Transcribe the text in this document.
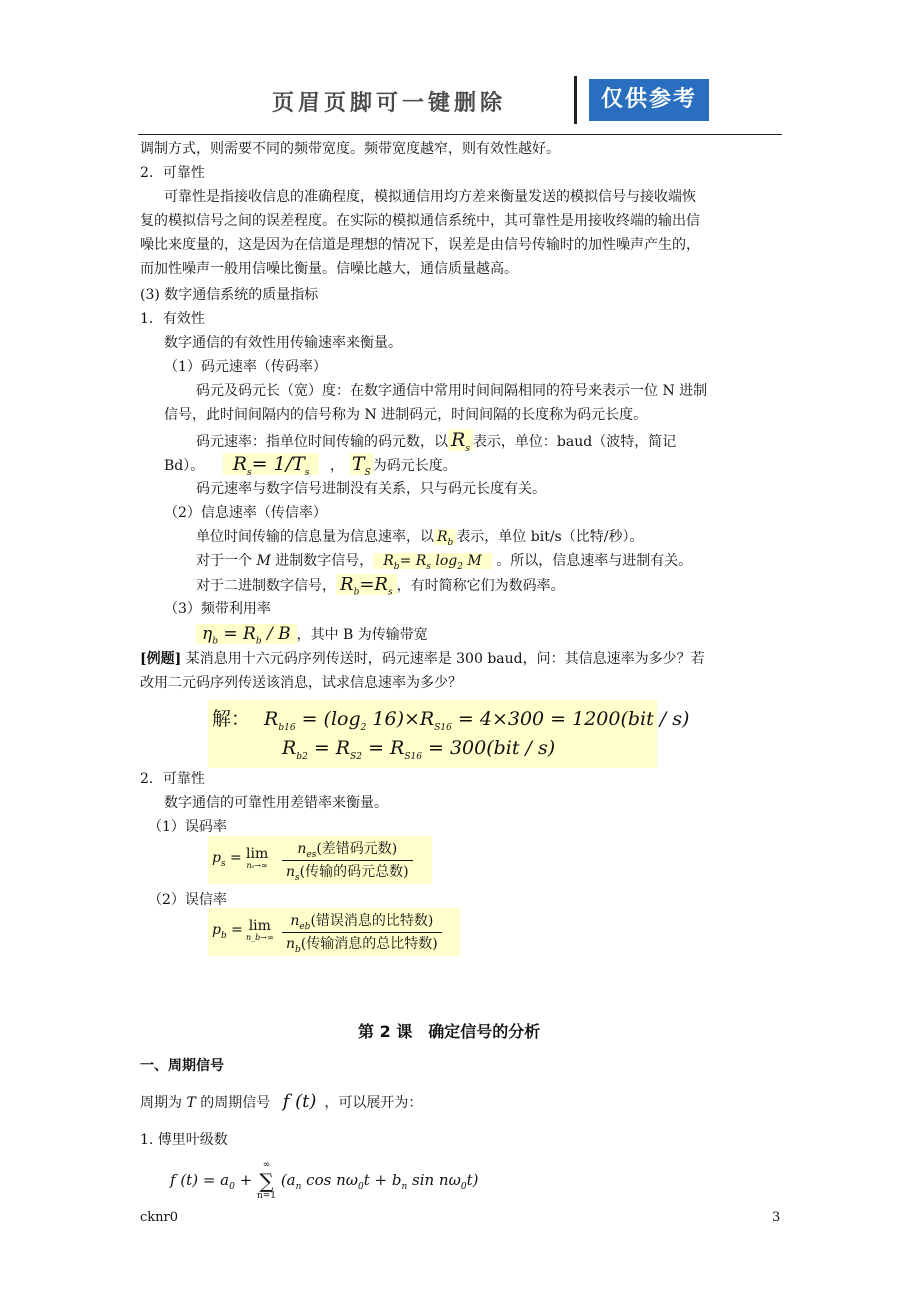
页眉页脚可一键删除	仅供参考
调制方式，则需要不同的频带宽度。频带宽度越窄，则有效性越好。
2．可靠性
可靠性是指接收信息的准确程度，模拟通信用均方差来衡量发送的模拟信号与接收端恢
复的模拟信号之间的误差程度。在实际的模拟通信系统中，其可靠性是用接收终端的输出信
噪比来度量的，这是因为在信道是理想的情况下，误差是由信号传输时的加性噪声产生的，
而加性噪声一般用信噪比衡量。信噪比越大，通信质量越高。
(3) 数字通信系统的质量指标
1．有效性
数字通信的有效性用传输速率来衡量。
（1）码元速率（传码率）
码元及码元长（宽）度：在数字通信中常用时间间隔相同的符号来表示一位 N 进制
信号，此时间间隔内的信号称为 N 进制码元，时间间隔的长度称为码元长度。
码元速率：指单位时间传输的码元数，以 $R_s$ 表示，单位：baud（波特，简记
Bd）。 $R_s= 1/T_s$ ， $T_S$ 为码元长度。
码元速率与数字信号进制没有关系，只与码元长度有关。
（2）信息速率（传信率）
单位时间传输的信息量为信息速率，以 $R_b$ 表示，单位 bit/s（比特/秒）。
对于一个 M 进制数字信号， $R_b= R_s$ $\log_2 M$ 。所以，信息速率与进制有关。
对于二进制数字信号， $R_b=R_s$ ，有时简称它们为数码率。
（3）频带利用率
$\eta_b = R_b / B$ ，其中 B 为传输带宽
[例题] 某消息用十六元码序列传送时，码元速率是 300 baud，问：其信息速率为多少？若
改用二元码序列传送该消息，试求信息速率为多少？
解： $R_{b16} = (\log_2$ $16)\times R_{S16} = 4\times 300 = 1200(bit / s)$
$R_{b2} = R_{S2} = R_{S16} = 300(bit / s)$
2．可靠性
数字通信的可靠性用差错率来衡量。
（1）误码率
$p_s = \lim$
nₛ→∞
$n_{es}$(差错码元数)
$n_s$(传输的码元总数)
（2）误信率
$p_b = \lim$
n_b→∞
$n_{eb}$(错误消息的比特数)
$n_b$(传输消息的总比特数)
第 2 课　确定信号的分析
一、周期信号
周期为 T 的周期信号 f (t) ，可以展开为：
1. 傅里叶级数
f $(t) = a_0$ +
∞
∑
n=1
($a_n$ $\cos n\omega_0t + b_n$ $\sin n\omega_0t$)
cknr0	3
